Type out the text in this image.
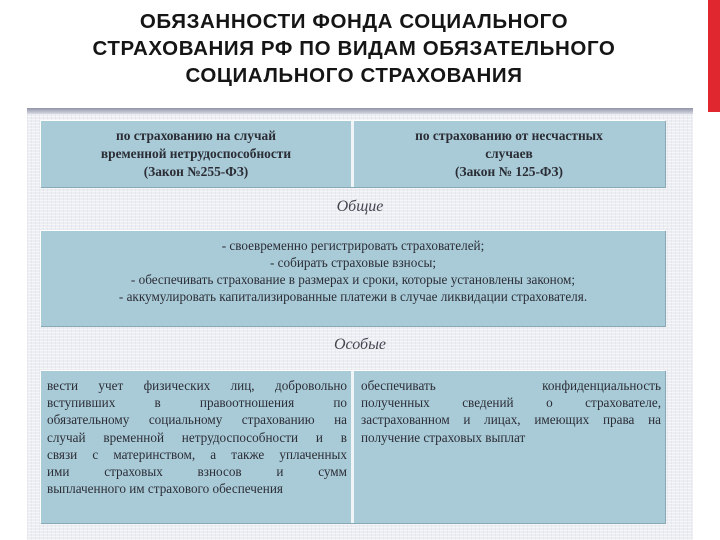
ОБЯЗАННОСТИ ФОНДА СОЦИАЛЬНОГО
СТРАХОВАНИЯ РФ ПО ВИДАМ ОБЯЗАТЕЛЬНОГО
СОЦИАЛЬНОГО СТРАХОВАНИЯ
по страхованию на случай
временной нетрудоспособности
(Закон №255-ФЗ)
по страхованию от несчастных
случаев
(Закон № 125-ФЗ)
Общие
- своевременно регистрировать страхователей;
- собирать страховые взносы;
- обеспечивать страхование в размерах и сроки, которые установлены законом;
- аккумулировать капитализированные платежи в случае ликвидации страхователя.
Особые
вести учет физических лиц, добровольно
вступивших в правоотношения по
обязательному социальному страхованию на
случай временной нетрудоспособности и в
связи с материнством, а также уплаченных
ими страховых взносов и сумм
выплаченного им страхового обеспечения
обеспечивать конфиденциальность
полученных сведений о страхователе,
застрахованном и лицах, имеющих права на
получение страховых выплат
